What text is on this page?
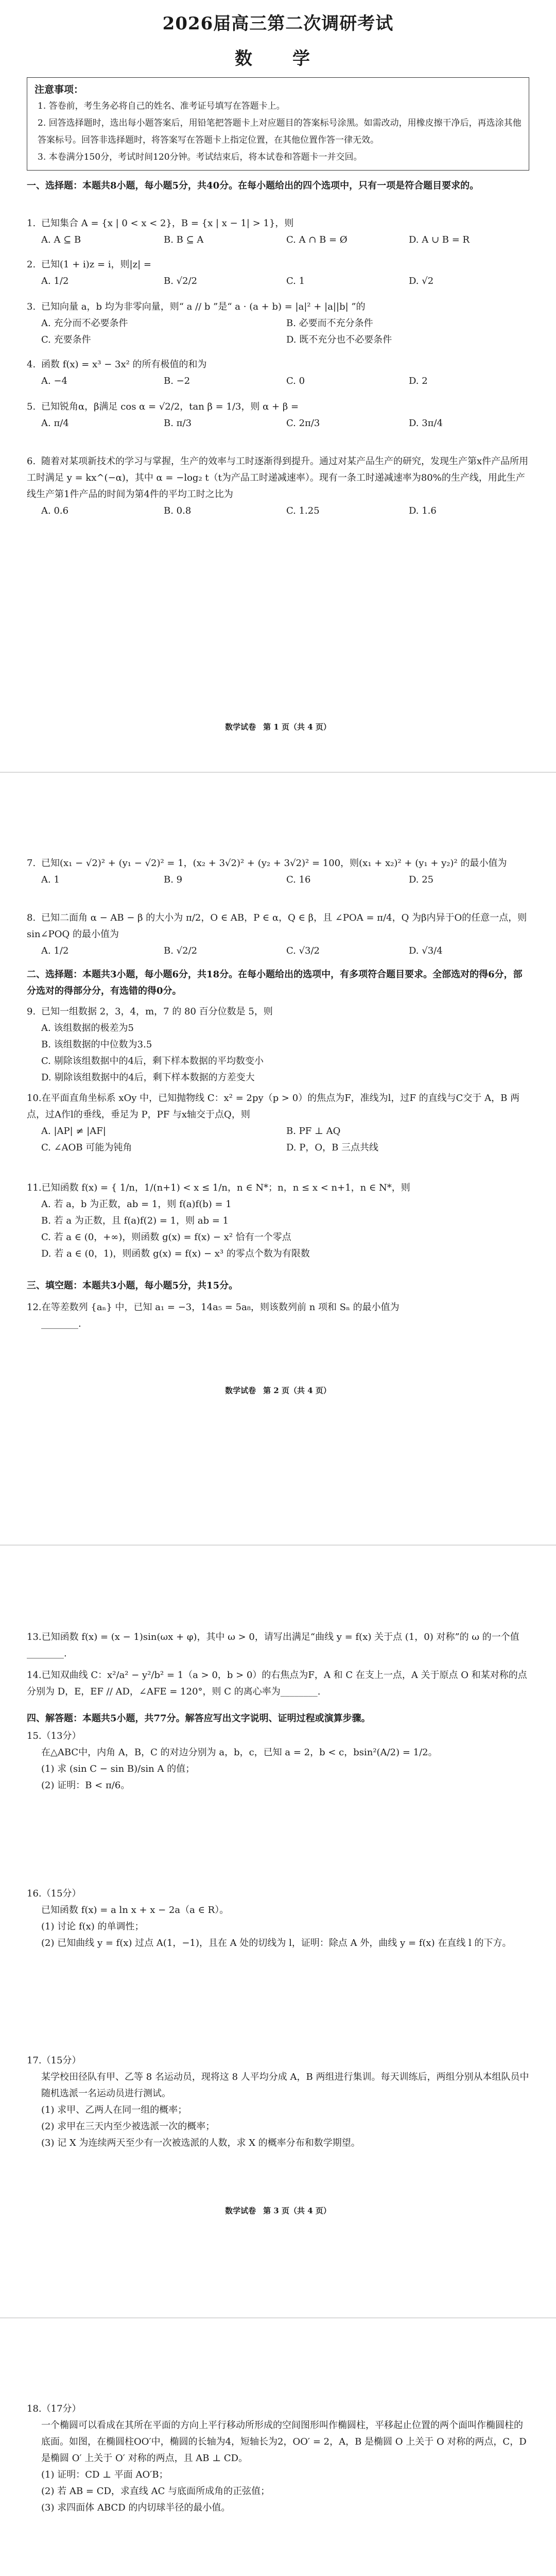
2026届高三第二次调研考试
数　学
注意事项：
1. 答卷前，考生务必将自己的姓名、准考证号填写在答题卡上。
2. 回答选择题时，选出每小题答案后，用铅笔把答题卡上对应题目的答案标号涂黑。如需改动，用橡皮擦干净后，再选涂其他答案标号。回答非选择题时，将答案写在答题卡上指定位置，在其他位置作答一律无效。
3. 本卷满分150分，考试时间120分钟。考试结束后，将本试卷和答题卡一并交回。
一、选择题：本题共8小题，每小题5分，共40分。在每小题给出的四个选项中，只有一项是符合题目要求的。
1. 已知集合 A = {x | 0 < x < 2}，B = {x | x − 1| > 1}，则
A. A ⊆ B	B. B ⊆ A	C. A ∩ B = Ø	D. A ∪ B = R
2. 已知(1 + i)z = i，则|z| =
A. 1/2	B. √2/2	C. 1	D. √2
3. 已知向量 a，b 均为非零向量，则“ a // b ”是“ a · (a + b) = |a|² + |a||b| ”的
A. 充分而不必要条件	B. 必要而不充分条件
C. 充要条件	D. 既不充分也不必要条件
4. 函数 f(x) = x³ − 3x² 的所有极值的和为
A. −4	B. −2	C. 0	D. 2
5. 已知锐角α，β满足 cos α = √2/2，tan β = 1/3，则 α + β =
A. π/4	B. π/3	C. 2π/3	D. 3π/4
6. 随着对某项新技术的学习与掌握，生产的效率与工时逐渐得到提升。通过对某产品生产的研究，发现生产第x件产品所用工时满足 y = kx^(−α)，其中 α = −log₂ t（t为产品工时递减速率）。现有一条工时递减速率为80%的生产线，用此生产线生产第1件产品的时间为第4件的平均工时之比为
A. 0.6	B. 0.8	C. 1.25	D. 1.6
数学试卷 第 1 页（共 4 页）
7. 已知(x₁ − √2)² + (y₁ − √2)² = 1，(x₂ + 3√2)² + (y₂ + 3√2)² = 100，则(x₁ + x₂)² + (y₁ + y₂)² 的最小值为
A. 1	B. 9	C. 16	D. 25
8. 已知二面角 α − AB − β 的大小为 π/2，O ∈ AB，P ∈ α，Q ∈ β，且 ∠POA = π/4，Q 为β内异于O的任意一点，则 sin∠POQ 的最小值为
A. 1/2	B. √2/2	C. √3/2	D. √3/4
二、选择题：本题共3小题，每小题6分，共18分。在每小题给出的选项中，有多项符合题目要求。全部选对的得6分，部分选对的得部分分，有选错的得0分。
9. 已知一组数据 2，3，4，m，7 的 80 百分位数是 5，则
A. 该组数据的极差为5
B. 该组数据的中位数为3.5
C. 剔除该组数据中的4后，剩下样本数据的平均数变小
D. 剔除该组数据中的4后，剩下样本数据的方差变大
10.在平面直角坐标系 xOy 中，已知抛物线 C：x² = 2py（p > 0）的焦点为F，准线为l，过F 的直线与C交于 A，B 两点，过A作l的垂线，垂足为 P，PF 与x轴交于点Q，则
A. |AP| ≠ |AF|	B. PF ⊥ AQ
C. ∠AOB 可能为钝角	D. P，O，B 三点共线
11.已知函数 f(x) = { 1/n，1/(n+1) < x ≤ 1/n，n ∈ N*；n，n ≤ x < n+1，n ∈ N*，则
A. 若 a，b 为正数，ab = 1，则 f(a)f(b) = 1
B. 若 a 为正数，且 f(a)f(2) = 1，则 ab = 1
C. 若 a ∈ (0，+∞)，则函数 g(x) = f(x) − x² 恰有一个零点
D. 若 a ∈ (0，1)，则函数 g(x) = f(x) − x³ 的零点个数为有限数
三、填空题：本题共3小题，每小题5分，共15分。
12.在等差数列 {aₙ} 中，已知 a₁ = −3，14a₅ = 5a₈，则该数列前 n 项和 Sₙ 的最小值为
________.
数学试卷 第 2 页（共 4 页）
13.已知函数 f(x) = (x − 1)sin(ωx + φ)，其中 ω > 0，请写出满足“曲线 y = f(x) 关于点 (1，0) 对称”的 ω 的一个值________.
14.已知双曲线 C：x²/a² − y²/b² = 1（a > 0，b > 0）的右焦点为F，A 和 C 在支上一点，A 关于原点 O 和某对称的点分别为 D，E，EF // AD，∠AFE = 120°，则 C 的离心率为________.
四、解答题：本题共5小题，共77分。解答应写出文字说明、证明过程或演算步骤。
15.（13分）
在△ABC中，内角 A，B，C 的对边分别为 a，b，c，已知 a = 2，b < c，bsin²(A/2) = 1/2。
(1) 求 (sin C − sin B)/sin A 的值；
(2) 证明：B < π/6。
16.（15分）
已知函数 f(x) = a ln x + x − 2a（a ∈ R）。
(1) 讨论 f(x) 的单调性；
(2) 已知曲线 y = f(x) 过点 A(1，−1)，且在 A 处的切线为 l，证明：除点 A 外，曲线 y = f(x) 在直线 l 的下方。
17.（15分）
某学校田径队有甲、乙等 8 名运动员，现将这 8 人平均分成 A，B 两组进行集训。每天训练后，两组分别从本组队员中随机选派一名运动员进行测试。
(1) 求甲、乙两人在同一组的概率；
(2) 求甲在三天内至少被选派一次的概率；
(3) 记 X 为连续两天至少有一次被选派的人数，求 X 的概率分布和数学期望。
数学试卷 第 3 页（共 4 页）
18.（17分）
一个椭圆可以看成在其所在平面的方向上平行移动所形成的空间图形叫作椭圆柱，平移起止位置的两个面叫作椭圆柱的底面。如图，在椭圆柱OO′中，椭圆的长轴为4，短轴长为2，OO′ = 2，A，B 是椭圆 O 上关于 O 对称的两点，C，D 是椭圆 O′ 上关于 O′ 对称的两点，且 AB ⊥ CD。
(1) 证明：CD ⊥ 平面 AO′B；
(2) 若 AB = CD，求直线 AC 与底面所成角的正弦值；
(3) 求四面体 ABCD 的内切球半径的最小值。
